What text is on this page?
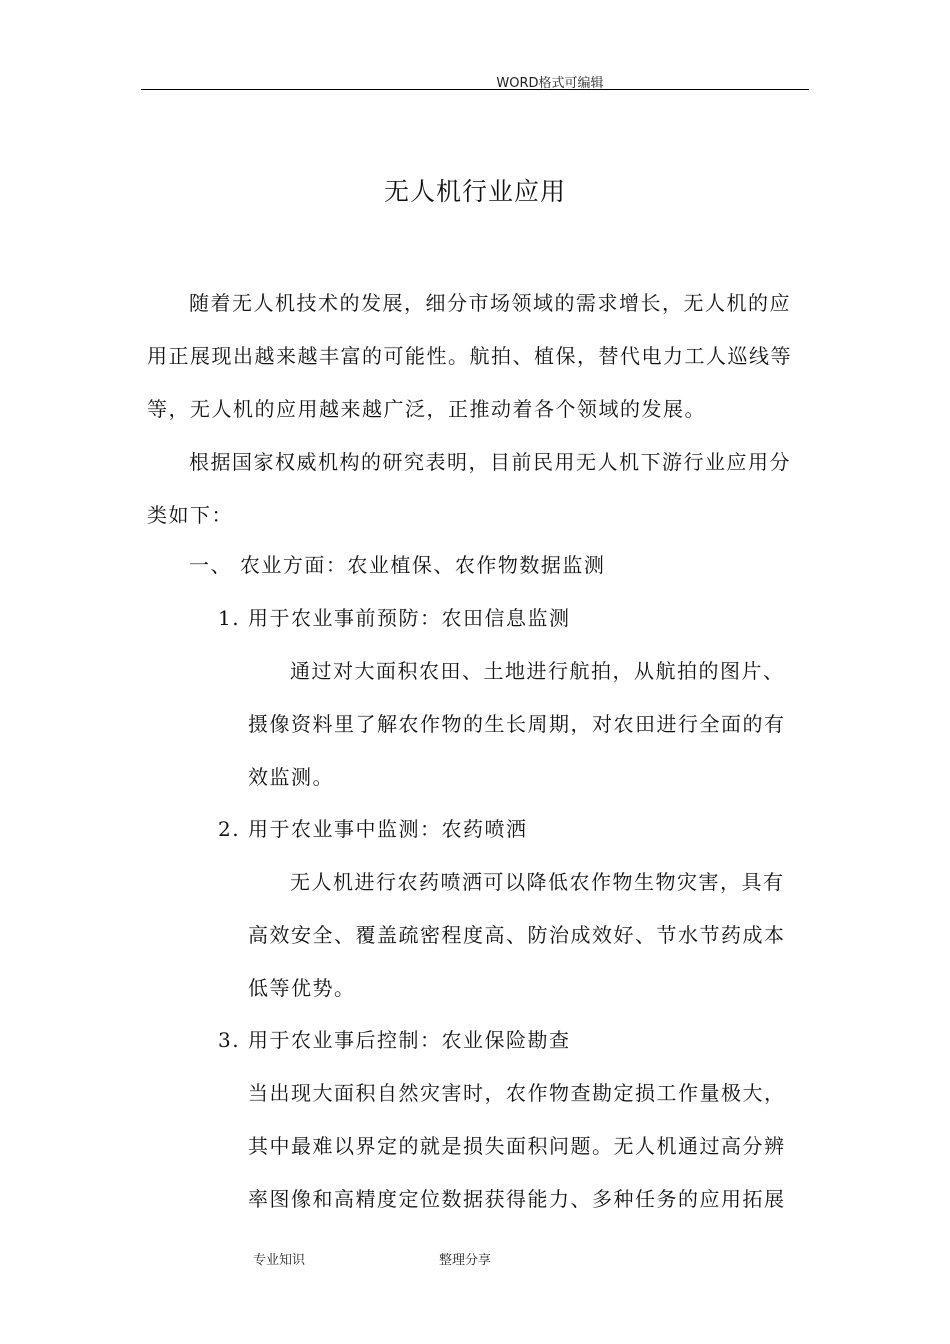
WORD格式可编辑
无人机行业应用
随着无人机技术的发展，细分市场领域的需求增长，无人机的应
用正展现出越来越丰富的可能性。航拍、植保，替代电力工人巡线等
等，无人机的应用越来越广泛，正推动着各个领域的发展。
根据国家权威机构的研究表明，目前民用无人机下游行业应用分
类如下：
一、 农业方面：农业植保、农作物数据监测
1. 用于农业事前预防：农田信息监测
通过对大面积农田、土地进行航拍，从航拍的图片、
摄像资料里了解农作物的生长周期，对农田进行全面的有
效监测。
2. 用于农业事中监测：农药喷洒
无人机进行农药喷洒可以降低农作物生物灾害，具有
高效安全、覆盖疏密程度高、防治成效好、节水节药成本
低等优势。
3. 用于农业事后控制：农业保险勘查
当出现大面积自然灾害时，农作物查勘定损工作量极大，
其中最难以界定的就是损失面积问题。无人机通过高分辨
率图像和高精度定位数据获得能力、多种任务的应用拓展
专业知识	整理分享
